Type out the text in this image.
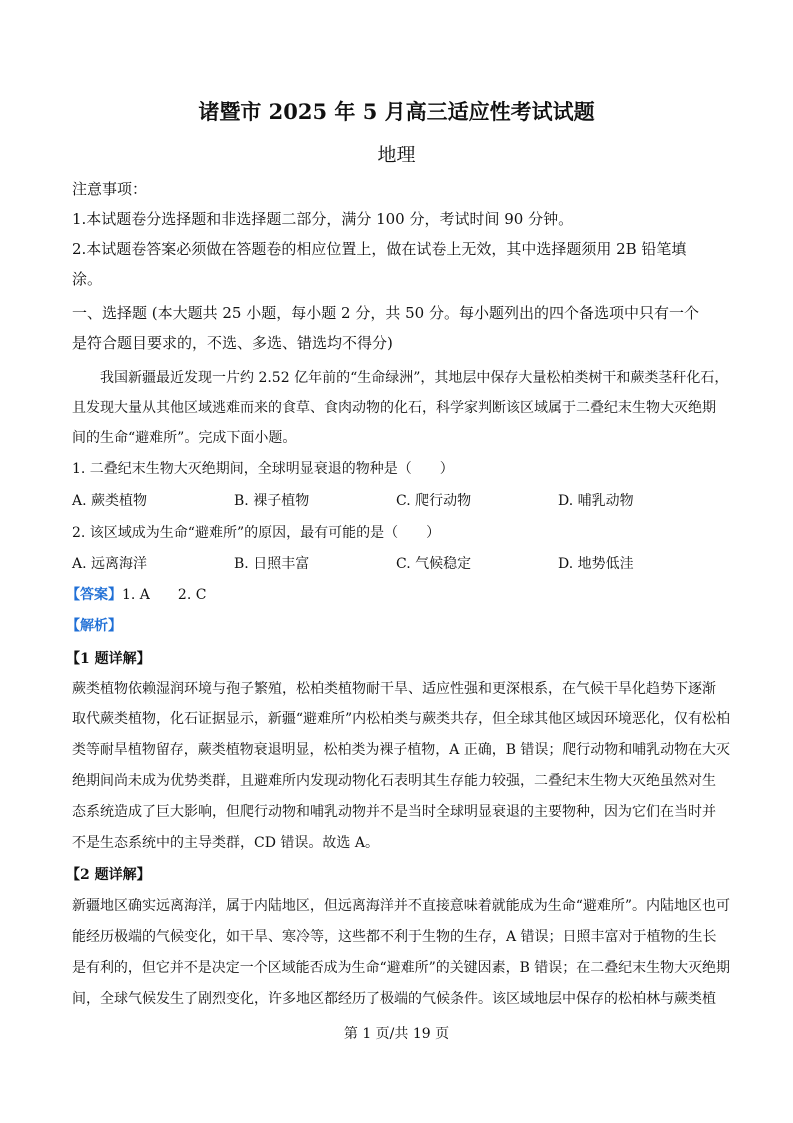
诸暨市 2025 年 5 月高三适应性考试试题
地理
注意事项：
1.本试题卷分选择题和非选择题二部分，满分 100 分，考试时间 90 分钟。
2.本试题卷答案必须做在答题卷的相应位置上，做在试卷上无效，其中选择题须用 2B 铅笔填
涂。
一、选择题 (本大题共 25 小题，每小题 2 分，共 50 分。每小题列出的四个备选项中只有一个
是符合题目要求的，不选、多选、错选均不得分)
我国新疆最近发现一片约 2.52 亿年前的“生命绿洲”，其地层中保存大量松柏类树干和蕨类茎秆化石，
且发现大量从其他区域逃难而来的食草、食肉动物的化石，科学家判断该区域属于二叠纪末生物大灭绝期
间的生命“避难所”。完成下面小题。
1. 二叠纪末生物大灭绝期间，全球明显衰退的物种是（　　）
A. 蕨类植物	B. 裸子植物	C. 爬行动物	D. 哺乳动物
2. 该区域成为生命“避难所”的原因，最有可能的是（　　）
A. 远离海洋	B. 日照丰富	C. 气候稳定	D. 地势低洼
【答案】1. A　　2. C
【解析】
【1 题详解】
蕨类植物依赖湿润环境与孢子繁殖，松柏类植物耐干旱、适应性强和更深根系，在气候干旱化趋势下逐渐
取代蕨类植物，化石证据显示，新疆“避难所”内松柏类与蕨类共存，但全球其他区域因环境恶化，仅有松柏
类等耐旱植物留存，蕨类植物衰退明显，松柏类为裸子植物，A 正确，B 错误；爬行动物和哺乳动物在大灭
绝期间尚未成为优势类群，且避难所内发现动物化石表明其生存能力较强，二叠纪末生物大灭绝虽然对生
态系统造成了巨大影响，但爬行动物和哺乳动物并不是当时全球明显衰退的主要物种，因为它们在当时并
不是生态系统中的主导类群，CD 错误。故选 A。
【2 题详解】
新疆地区确实远离海洋，属于内陆地区，但远离海洋并不直接意味着就能成为生命“避难所”。内陆地区也可
能经历极端的气候变化，如干旱、寒冷等，这些都不利于生物的生存，A 错误；日照丰富对于植物的生长
是有利的，但它并不是决定一个区域能否成为生命“避难所”的关键因素，B 错误；在二叠纪末生物大灭绝期
间，全球气候发生了剧烈变化，许多地区都经历了极端的气候条件。该区域地层中保存的松柏林与蕨类植
第 1 页/共 19 页
